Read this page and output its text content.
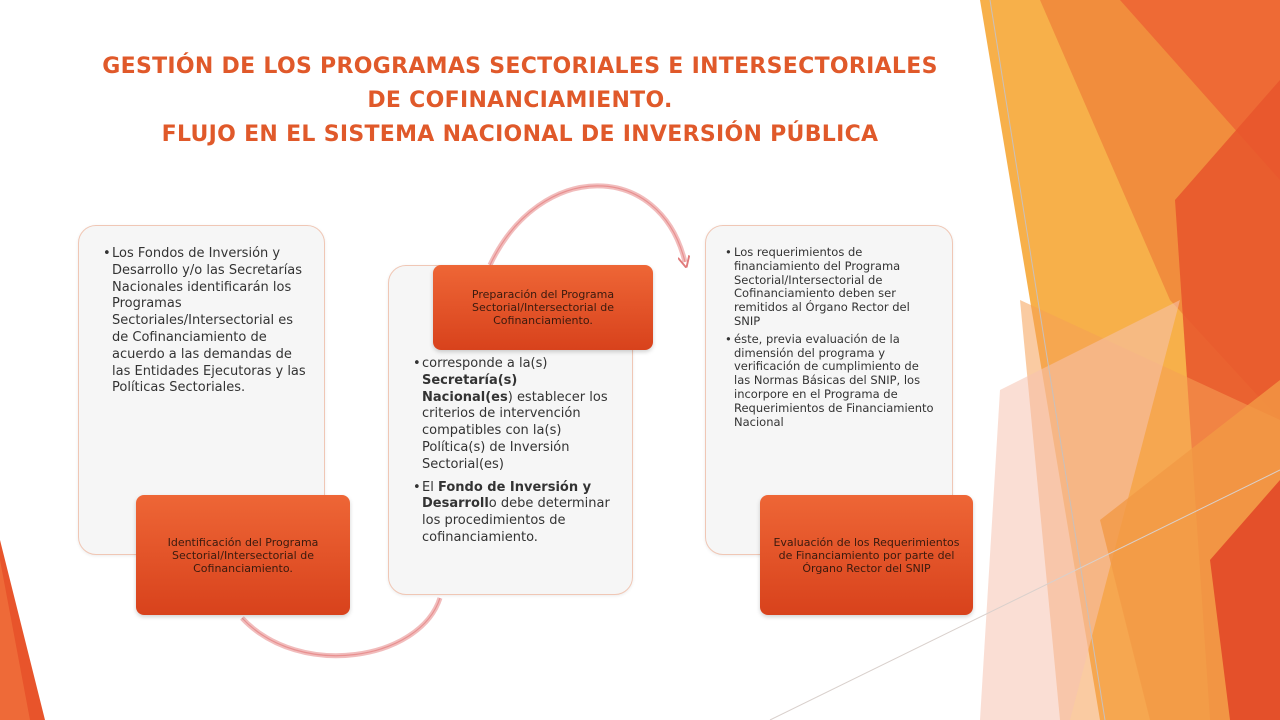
GESTIÓN DE LOS PROGRAMAS SECTORIALES E INTERSECTORIALES
DE COFINANCIAMIENTO.
FLUJO EN EL SISTEMA NACIONAL DE INVERSIÓN PÚBLICA
• Los Fondos de Inversión y Desarrollo y/o las Secretarías Nacionales identificarán los Programas Sectoriales/Intersectorial es de Cofinanciamiento de acuerdo a las demandas de las Entidades Ejecutoras y las Políticas Sectoriales.
Identificación del Programa Sectorial/Intersectorial de Cofinanciamiento.
• corresponde a la(s) Secretaría(s) Nacional(es) establecer los criterios de intervención compatibles con la(s) Política(s) de Inversión Sectorial(es)
• El Fondo de Inversión y Desarrollo debe determinar los procedimientos de cofinanciamiento.
Preparación del Programa Sectorial/Intersectorial de Cofinanciamiento.
• Los requerimientos de financiamiento del Programa Sectorial/Intersectorial de Cofinanciamiento deben ser remitidos al Órgano Rector del SNIP
• éste, previa evaluación de la dimensión del programa y verificación de cumplimiento de las Normas Básicas del SNIP, los incorpore en el Programa de Requerimientos de Financiamiento Nacional
Evaluación de los Requerimientos de Financiamiento por parte del Órgano Rector del SNIP
